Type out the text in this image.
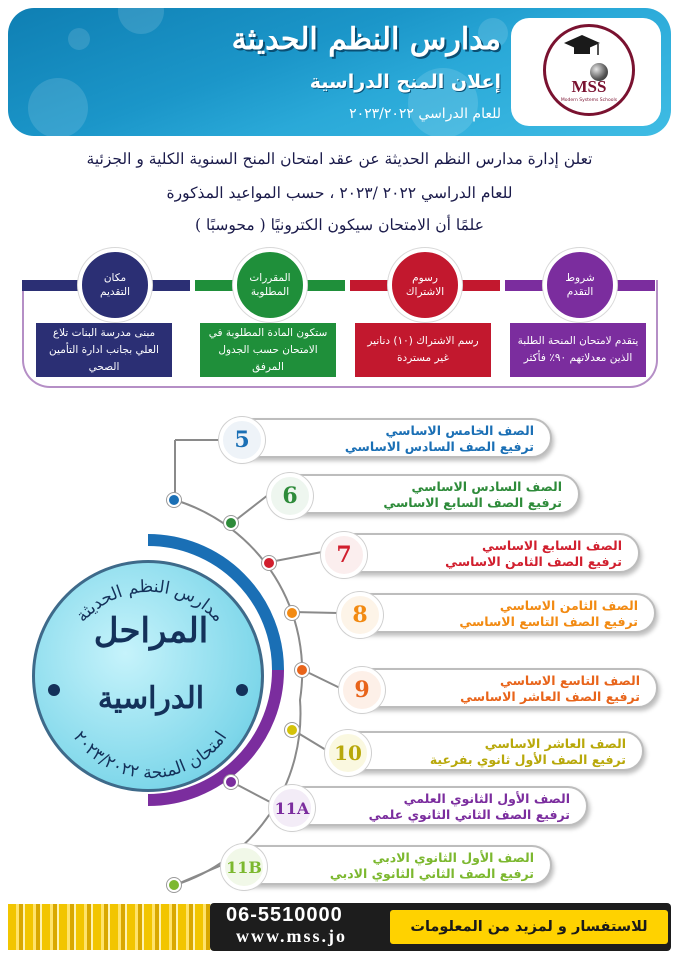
MSS
Modern Systems Schools
مدارس النظم الحديثة
إعلان المنح الدراسية
للعام الدراسي ٢٠٢٣/٢٠٢٢
تعلن إدارة مدارس النظم الحديثة عن عقد امتحان المنح السنوية الكلية و الجزئية
للعام الدراسي ٢٠٢٢ /٢٠٢٣ ، حسب المواعيد المذكورة
علمًا أن الامتحان سيكون الكترونيًا ( محوسبًا )
شروط التقدم
رسوم الاشتراك
المقررات المطلوبة
مكان التقديم
يتقدم لامتحان المنحة الطلبة الذين معدلاتهم ٩٠٪ فأكثر
رسم الاشتراك (١٠) دنانير غير مستردة
ستكون المادة المطلوبة في الامتحان حسب الجدول المرفق
مبنى مدرسة البنات تلاع العلي بجانب ادارة التأمين الصحي
مدارس النظم الحديثة
امتحان المنحة ٢٠٢٣/٢٠٢٢
المراحل
الدراسية
5	الصف الخامس الاساسي
ترفيع الصف السادس الاساسي
6	الصف السادس الاساسي
ترفيع الصف السابع الاساسي
7	الصف السابع الاساسي
ترفيع الصف الثامن الاساسي
8	الصف الثامن الاساسي
ترفيع الصف التاسع الاساسي
9	الصف التاسع الاساسي
ترفيع الصف العاشر الاساسي
10	الصف العاشر الاساسي
ترفيع الصف الأول ثانوي بفرعية
11A	الصف الأول الثانوي العلمي
ترفيع الصف الثاني الثانوي علمي
11B	الصف الأول الثانوي الادبي
ترفيع الصف الثاني الثانوي الادبي
06-5510000
www.mss.jo	للاستفسار و لمزيد من المعلومات
